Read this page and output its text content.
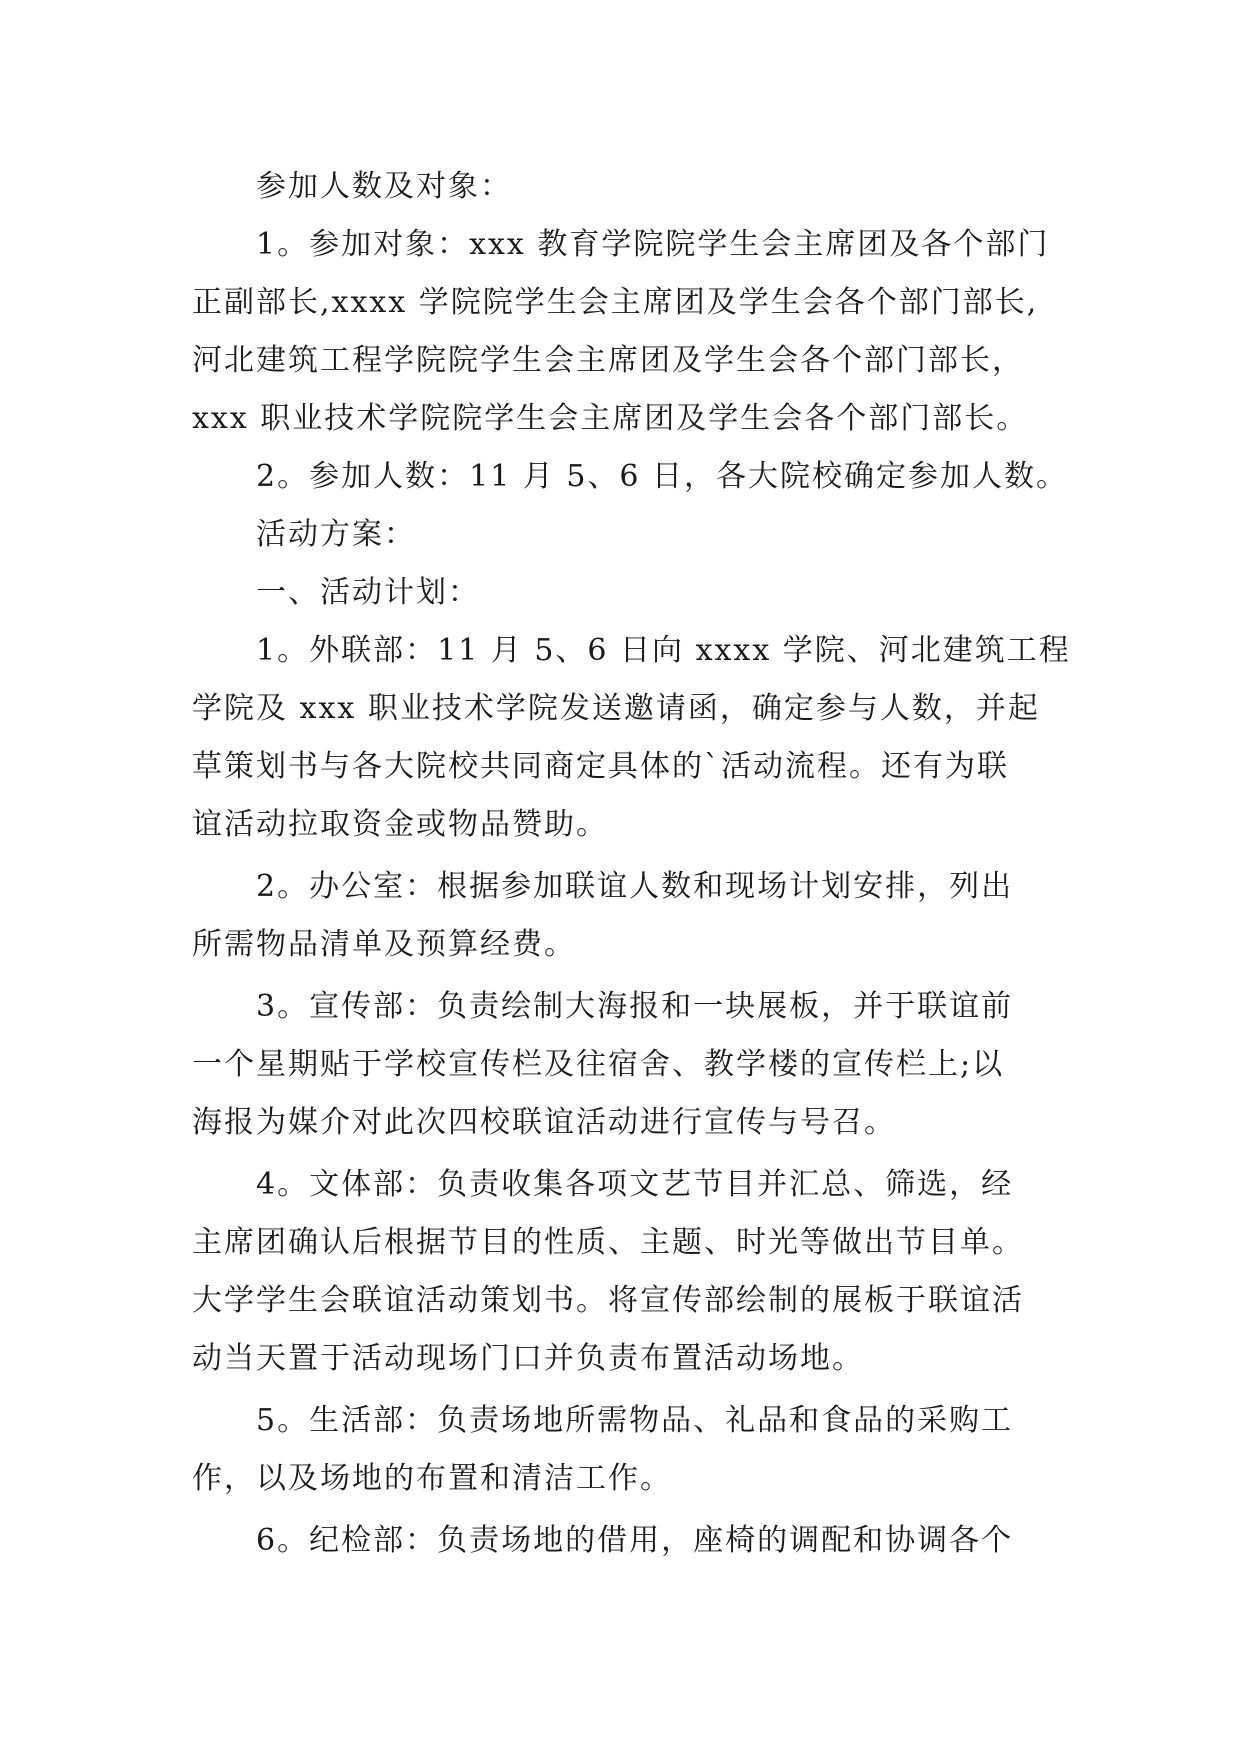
参加人数及对象：

1。参加对象：xxx 教育学院院学生会主席团及各个部门
正副部长,xxxx 学院院学生会主席团及学生会各个部门部长,
河北建筑工程学院院学生会主席团及学生会各个部门部长，
xxx 职业技术学院院学生会主席团及学生会各个部门部长。

2。参加人数：11 月 5、6 日，各大院校确定参加人数。

活动方案：

一、活动计划：

1。外联部：11 月 5、6 日向 xxxx 学院、河北建筑工程
学院及 xxx 职业技术学院发送邀请函，确定参与人数，并起
草策划书与各大院校共同商定具体的`活动流程。还有为联
谊活动拉取资金或物品赞助。

2。办公室：根据参加联谊人数和现场计划安排，列出
所需物品清单及预算经费。

3。宣传部：负责绘制大海报和一块展板，并于联谊前
一个星期贴于学校宣传栏及往宿舍、教学楼的宣传栏上;以
海报为媒介对此次四校联谊活动进行宣传与号召。

4。文体部：负责收集各项文艺节目并汇总、筛选，经
主席团确认后根据节目的性质、主题、时光等做出节目单。
大学学生会联谊活动策划书。将宣传部绘制的展板于联谊活
动当天置于活动现场门口并负责布置活动场地。

5。生活部：负责场地所需物品、礼品和食品的采购工
作，以及场地的布置和清洁工作。

6。纪检部：负责场地的借用，座椅的调配和协调各个
